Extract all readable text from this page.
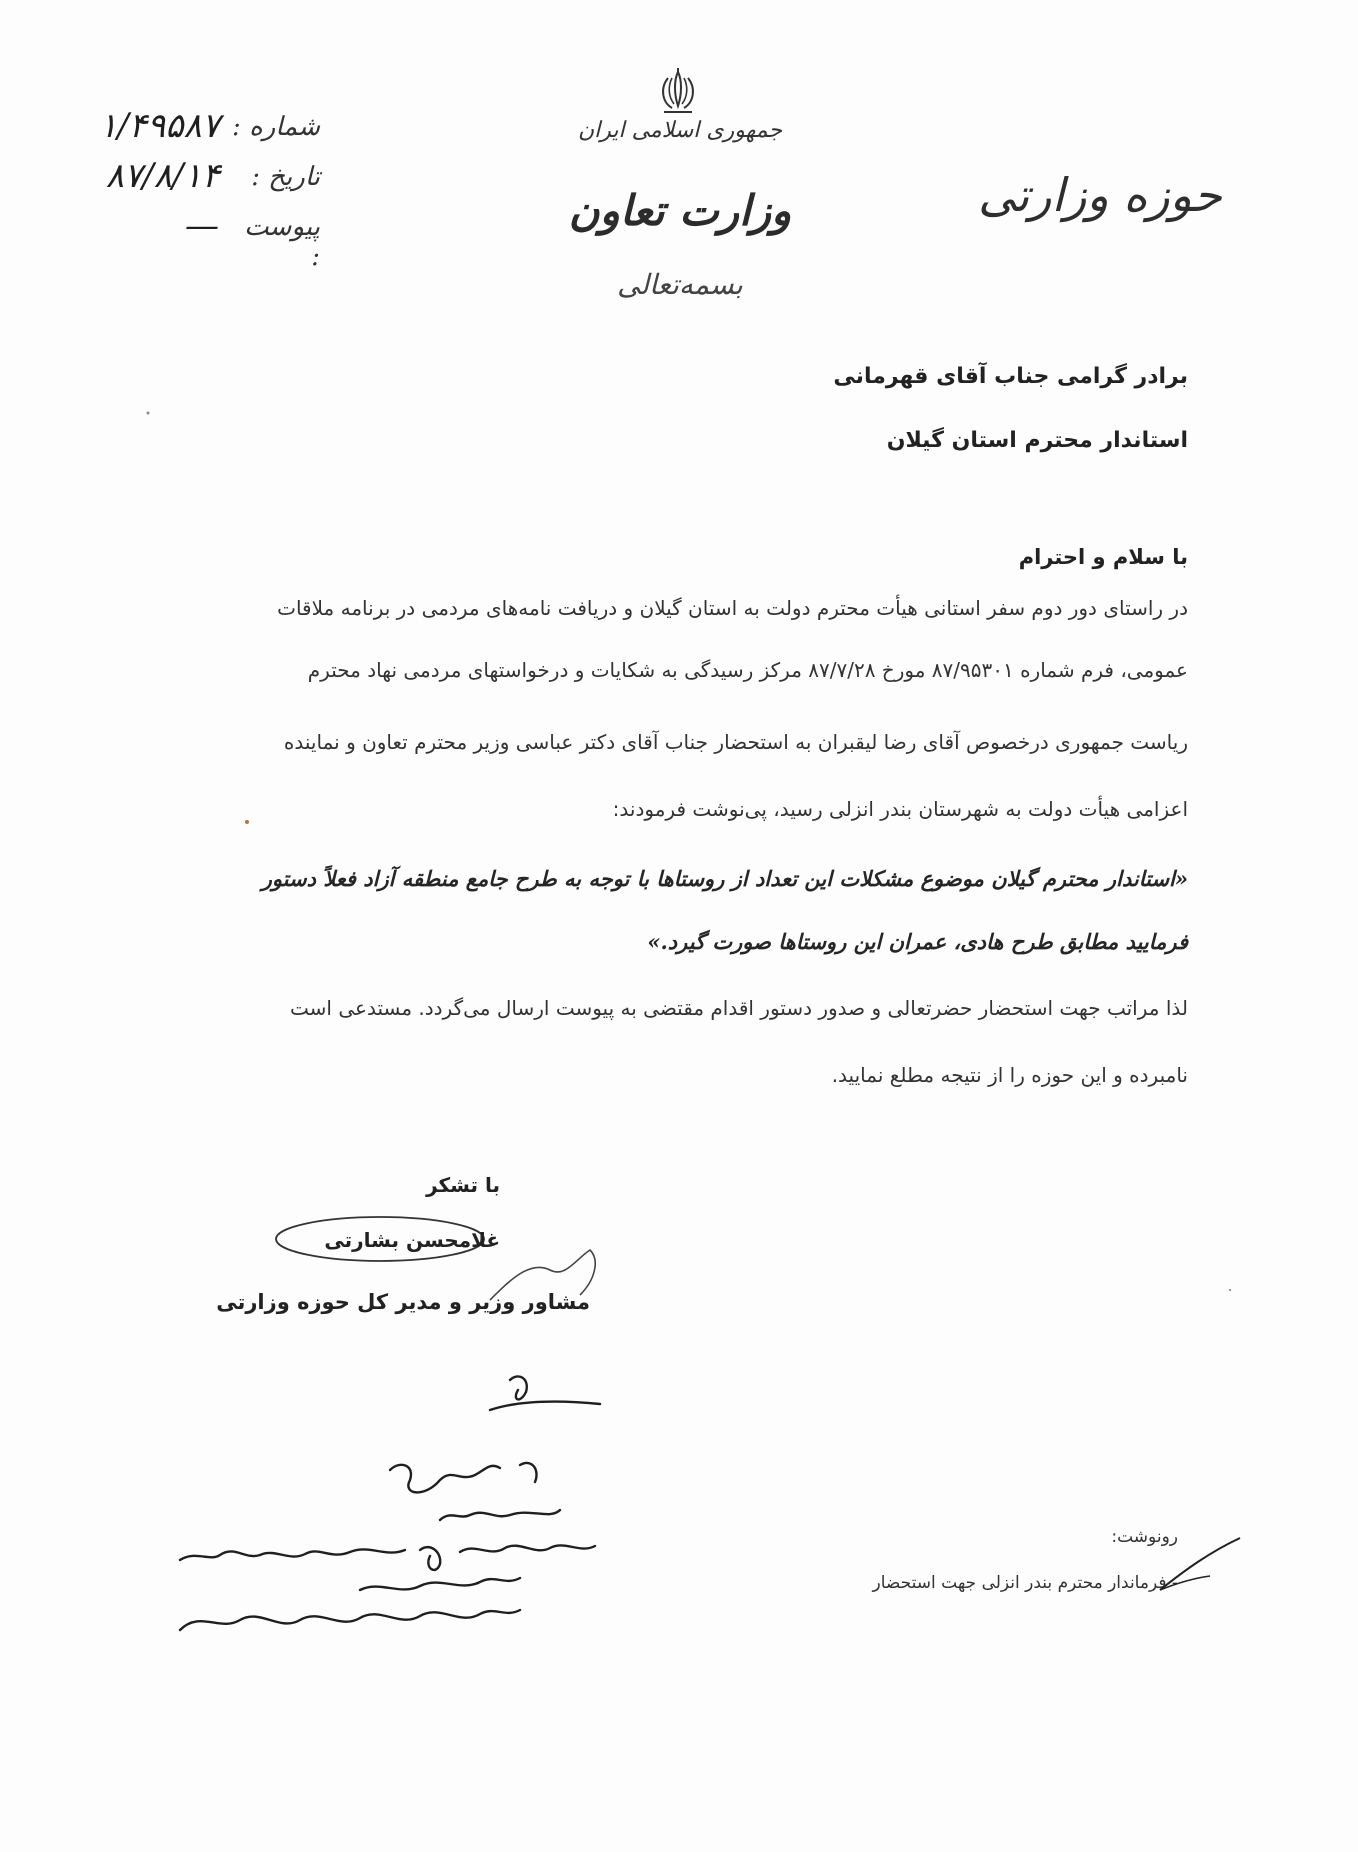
جمهوری اسلامی ایران
وزارت تعاون
بسمه‌تعالی
حوزه وزارتی
شماره :
۱/۴۹۵۸۷
تاریخ :
۸۷/۸/۱۴
پیوست :
—
برادر گرامی جناب آقای قهرمانی
استاندار محترم استان گیلان
با سلام و احترام
در راستای دور دوم سفر استانی هیأت محترم دولت به استان گیلان و دریافت نامه‌های مردمی در برنامه ملاقات
عمومی، فرم شماره ۸۷/۹۵۳۰۱ مورخ ۸۷/۷/۲۸ مرکز رسیدگی به شکایات و درخواستهای مردمی نهاد محترم
ریاست جمهوری درخصوص آقای رضا لیقبران به استحضار جناب آقای دکتر عباسی وزیر محترم تعاون و نماینده
اعزامی هیأت دولت به شهرستان بندر انزلی رسید، پی‌نوشت فرمودند:
«استاندار محترم گیلان موضوع مشکلات این تعداد از روستاها با توجه به طرح جامع منطقه آزاد فعلاً دستور
فرمایید مطابق طرح هادی، عمران این روستاها صورت گیرد.»
لذا مراتب جهت استحضار حضرتعالی و صدور دستور اقدام مقتضی به پیوست ارسال می‌گردد. مستدعی است
نامبرده و این حوزه را از نتیجه مطلع نمایید.
با تشکر
غلامحسن بشارتی
مشاور وزیر و مدیر کل حوزه وزارتی
رونوشت:
- فرماندار محترم بندر انزلی جهت استحضار
